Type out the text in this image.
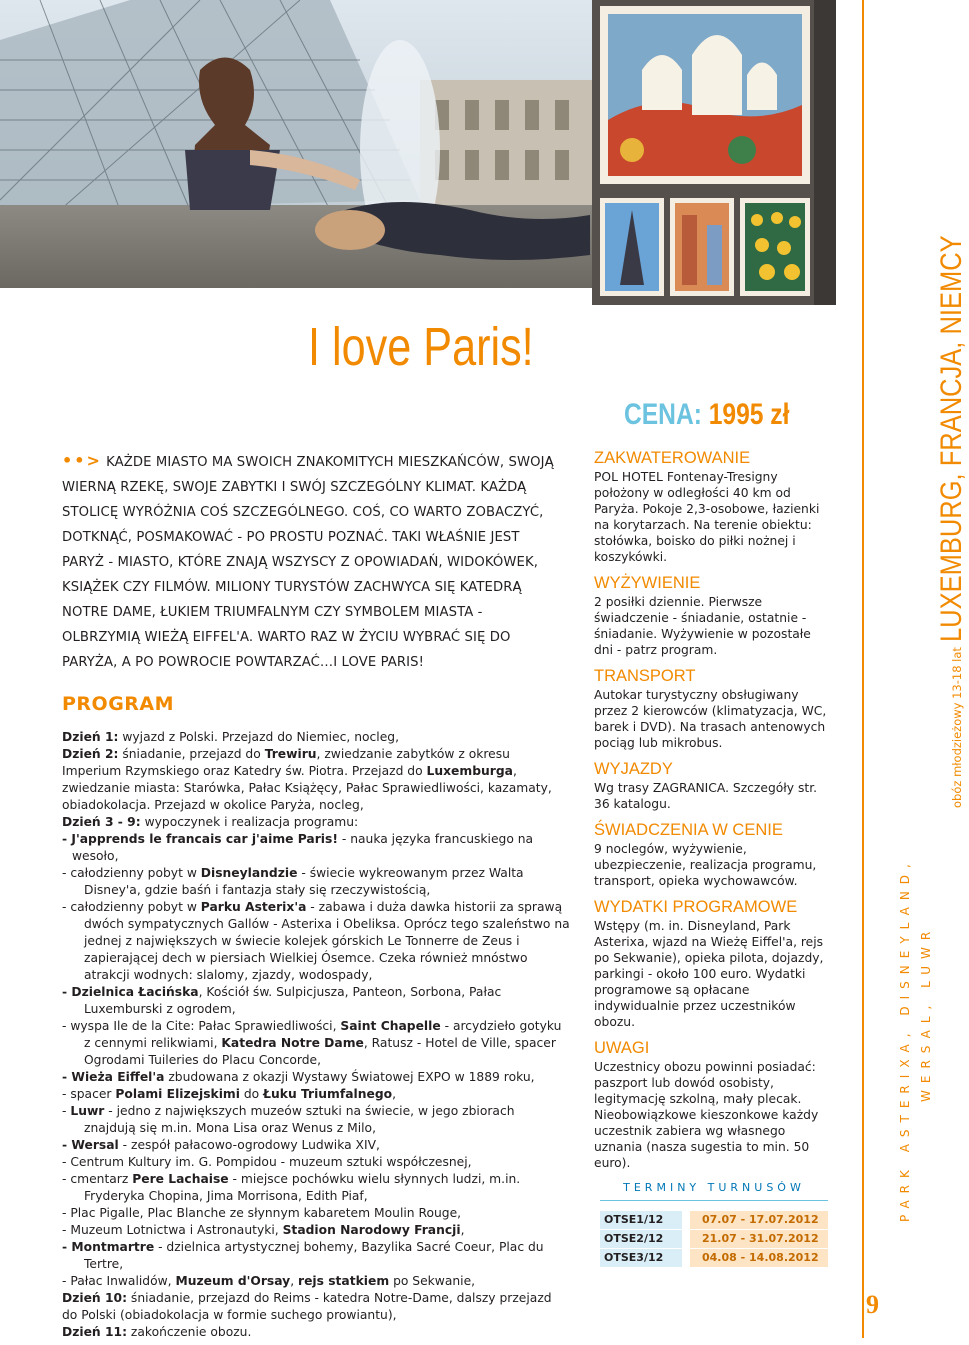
I love Paris!
••> KAŻDE MIASTO MA SWOICH ZNAKOMITYCH MIESZKAŃCÓW, SWOJĄ WIERNĄ RZEKĘ, SWOJE ZABYTKI I SWÓJ SZCZEGÓLNY KLIMAT. KAŻDĄ STOLICĘ WYRÓŻNIA COŚ SZCZEGÓLNEGO. COŚ, CO WARTO ZOBACZYĆ, DOTKNĄĆ, POSMAKOWAĆ - PO PROSTU POZNAĆ. TAKI WŁAŚNIE JEST PARYŻ - MIASTO, KTÓRE ZNAJĄ WSZYSCY Z OPOWIADAŃ, WIDOKÓWEK, KSIĄŻEK CZY FILMÓW. MILIONY TURYSTÓW ZACHWYCA SIĘ KATEDRĄ NOTRE DAME, ŁUKIEM TRIUMFALNYM CZY SYMBOLEM MIASTA - OLBRZYMIĄ WIEŻĄ EIFFEL'A. WARTO RAZ W ŻYCIU WYBRAĆ SIĘ DO PARYŻA, A PO POWROCIE POWTARZAĆ…I LOVE PARIS!
PROGRAM

Dzień 1: wyjazd z Polski. Przejazd do Niemiec, nocleg,

Dzień 2: śniadanie, przejazd do Trewiru, zwiedzanie zabytków z okresu Imperium Rzymskiego oraz Katedry św. Piotra. Przejazd do Luxemburga, zwiedzanie miasta: Starówka, Pałac Książęcy, Pałac Sprawiedliwości, kazamaty, obiadokolacja. Przejazd w okolice Paryża, nocleg,

Dzień 3 - 9: wypoczynek i realizacja programu:

- J'apprends le francais car j'aime Paris! - nauka języka francuskiego na wesoło,

- całodzienny pobyt w Disneylandzie - świecie wykreowanym przez Walta Disney'a, gdzie baśń i fantazja stały się rzeczywistością,

- całodzienny pobyt w Parku Asterix'a - zabawa i duża dawka historii za sprawą dwóch sympatycznych Gallów - Asterixa i Obeliksa. Oprócz tego szaleństwo na jednej z największych w świecie kolejek górskich Le Tonnerre de Zeus i zapierającej dech w piersiach Wielkiej Ósemce. Czeka również mnóstwo atrakcji wodnych: slalomy, zjazdy, wodospady,

- Dzielnica Łacińska, Kościół św. Sulpicjusza, Panteon, Sorbona, Pałac Luxemburski z ogrodem,

- wyspa Ile de la Cite: Pałac Sprawiedliwości, Saint Chapelle - arcydzieło gotyku z cennymi relikwiami, Katedra Notre Dame, Ratusz - Hotel de Ville, spacer Ogrodami Tuileries do Placu Concorde,

- Wieża Eiffel'a zbudowana z okazji Wystawy Światowej EXPO w 1889 roku,

- spacer Polami Elizejskimi do Łuku Triumfalnego,

- Luwr - jedno z największych muzeów sztuki na świecie, w jego zbiorach znajdują się m.in. Mona Lisa oraz Wenus z Milo,

- Wersal - zespół pałacowo-ogrodowy Ludwika XIV,

- Centrum Kultury im. G. Pompidou - muzeum sztuki współczesnej,

- cmentarz Pere Lachaise - miejsce pochówku wielu słynnych ludzi, m.in. Fryderyka Chopina, Jima Morrisona, Edith Piaf,

- Plac Pigalle, Plac Blanche ze słynnym kabaretem Moulin Rouge,

- Muzeum Lotnictwa i Astronautyki, Stadion Narodowy Francji,

- Montmartre - dzielnica artystycznej bohemy, Bazylika Sacré Coeur, Plac du Tertre,

- Pałac Inwalidów, Muzeum d'Orsay, rejs statkiem po Sekwanie,

Dzień 10: śniadanie, przejazd do Reims - katedra Notre-Dame, dalszy przejazd do Polski (obiadokolacja w formie suchego prowiantu),

Dzień 11: zakończenie obozu.

CENA: 1995 zł

ZAKWATEROWANIE

POL HOTEL Fontenay-Tresigny położony w odległości 40 km od Paryża. Pokoje 2,3-osobowe, łazienki na korytarzach. Na terenie obiektu: stołówka, boisko do piłki nożnej i koszykówki.

WYŻYWIENIE

2 posiłki dziennie. Pierwsze świadczenie - śniadanie, ostatnie - śniadanie. Wyżywienie w pozostałe dni - patrz program.

TRANSPORT

Autokar turystyczny obsługiwany przez 2 kierowców (klimatyzacja, WC, barek i DVD). Na trasach antenowych pociąg lub mikrobus.

WYJAZDY

Wg trasy ZAGRANICA. Szczegóły str. 36 katalogu.

ŚWIADCZENIA W CENIE

9 noclegów, wyżywienie, ubezpieczenie, realizacja programu, transport, opieka wychowawców.

WYDATKI PROGRAMOWE

Wstępy (m. in. Disneyland, Park Asterixa, wjazd na Wieżę Eiffel'a, rejs po Sekwanie), opieka pilota, dojazdy, parkingi - około 100 euro. Wydatki programowe są opłacane indywidualnie przez uczestników obozu.

UWAGI

Uczestnicy obozu powinni posiadać: paszport lub dowód osobisty, legitymację szkolną, mały plecak. Nieobowiązkowe kieszonkowe każdy uczestnik zabiera wg własnego uznania (nasza sugestia to min. 50 euro).

TERMINY TURNUSÓW
OTSE1/12	07.07 - 17.07.2012
OTSE2/12	21.07 - 31.07.2012
OTSE3/12	04.08 - 14.08.2012
obóz młodzieżowy 13-18 lat LUXEMBURG, FRANCJA, NIEMCY
PARK ASTERIXA, DISNEYLAND, WERSAL, LUWR
9
